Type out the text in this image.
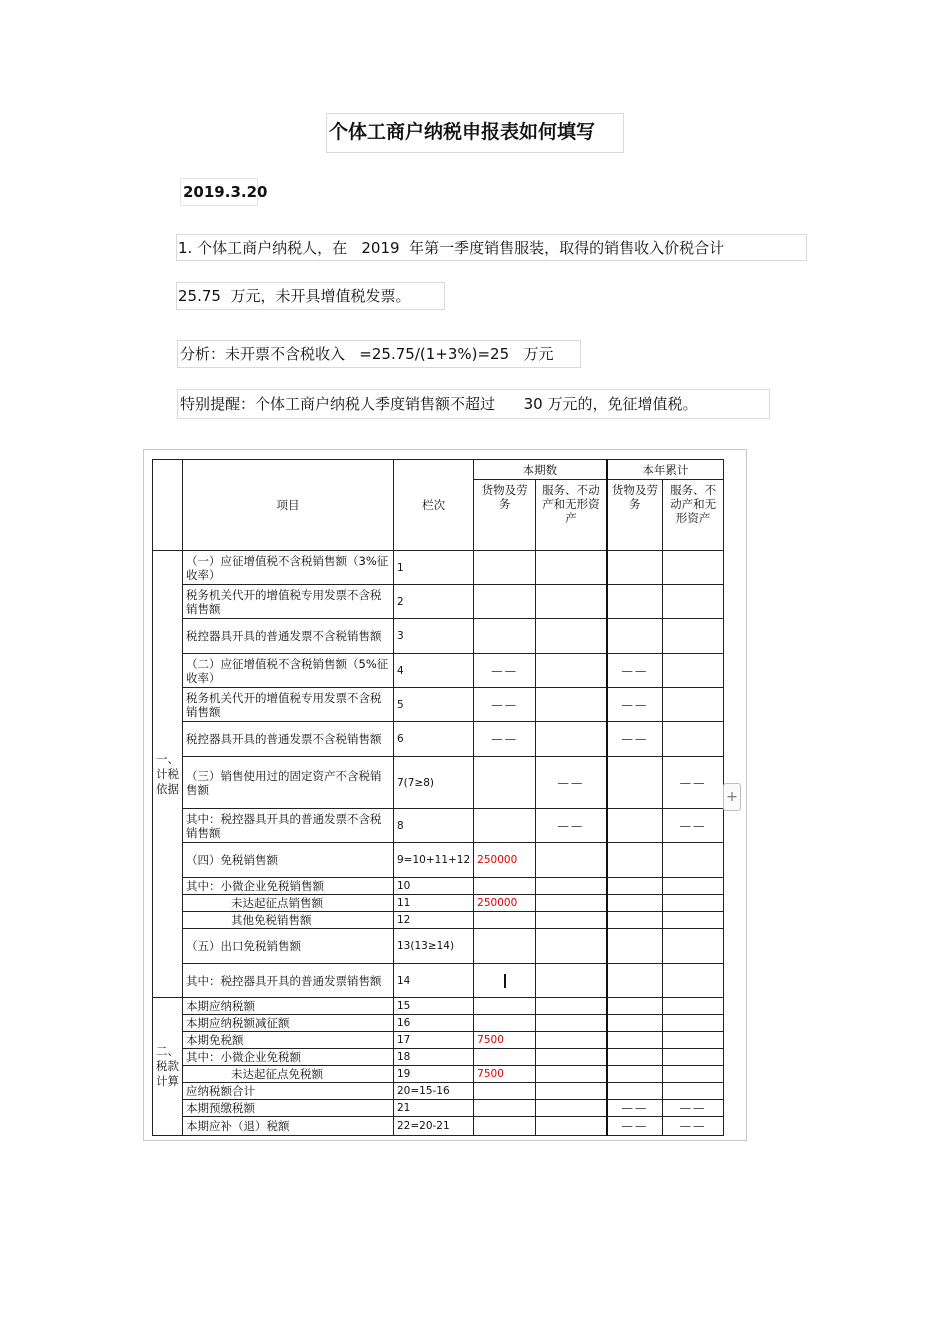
个体工商户纳税申报表如何填写
2019.3.20
1. 个体工商户纳税人，在   2019  年第一季度销售服装，取得的销售收入价税合计
25.75  万元，未开具增值税发票。
分析：未开票不含税收入   =25.75/(1+3%)=25   万元
特别提醒：个体工商户纳税人季度销售额不超过      30 万元的，免征增值税。
	项目	栏次	本期数		本年累计	
			货物及劳务	服务、不动产和无形资产	货物及劳务	服务、不动产和无形资产
一、计税依据	（一）应征增值税不含税销售额（3%征收率）	1				
	税务机关代开的增值税专用发票不含税销售额	2				
	税控器具开具的普通发票不含税销售额	3				
	（二）应征增值税不含税销售额（5%征收率）	4	——		——	
	税务机关代开的增值税专用发票不含税销售额	5	——		——	
	税控器具开具的普通发票不含税销售额	6	——		——	
	（三）销售使用过的固定资产不含税销售额	7(7≥8)		——		——
	其中：税控器具开具的普通发票不含税销售额	8		——		——
	（四）免税销售额	9=10+11+12	250000			
	其中：小微企业免税销售额	10				
	未达起征点销售额	11	250000			
	其他免税销售额	12				
	（五）出口免税销售额	13(13≥14)				
	其中：税控器具开具的普通发票销售额	14				
二、税款计算	本期应纳税额	15				
	本期应纳税额减征额	16				
	本期免税额	17	7500			
	其中：小微企业免税额	18				
	未达起征点免税额	19	7500			
	应纳税额合计	20=15-16				
	本期预缴税额	21			——	——
	本期应补（退）税额	22=20-21			——	——
+
